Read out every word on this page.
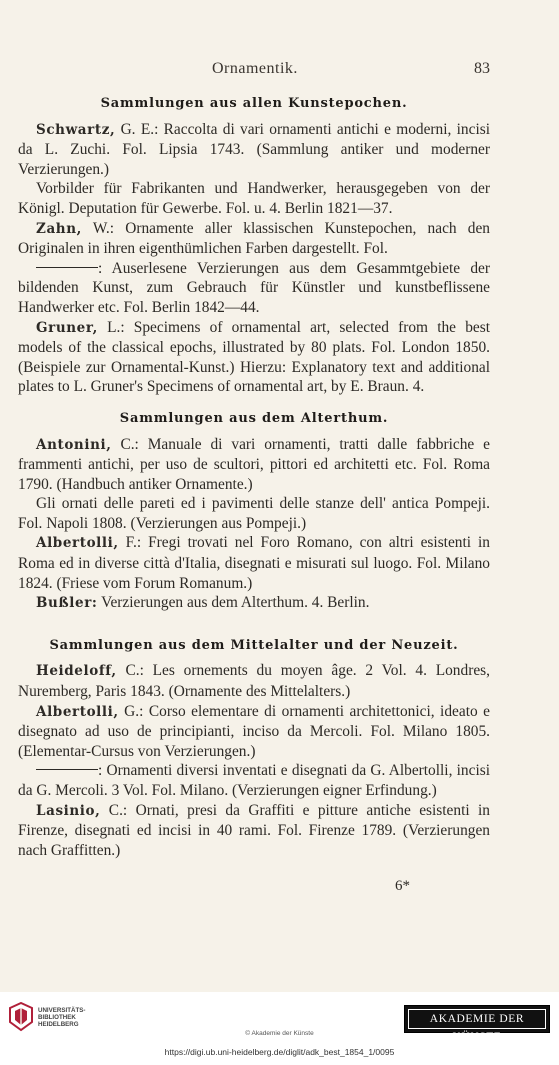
Ornamentik.	83
Sammlungen aus allen Kunstepochen.

Schwartz, G. E.: Raccolta di vari ornamenti antichi e moderni, incisi da L. Zuchi. Fol. Lipsia 1743. (Sammlung antiker und moderner Verzierungen.)

Vorbilder für Fabrikanten und Handwerker, herausgegeben von der Königl. Deputation für Gewerbe. Fol. u. 4. Berlin 1821—37.

Zahn, W.: Ornamente aller klassischen Kunstepochen, nach den Originalen in ihren eigenthümlichen Farben dargestellt. Fol.

: Auserlesene Verzierungen aus dem Gesammtgebiete der bildenden Kunst, zum Gebrauch für Künstler und kunstbeflissene Handwerker etc. Fol. Berlin 1842—44.

Gruner, L.: Specimens of ornamental art, selected from the best models of the classical epochs, illustrated by 80 plats. Fol. London 1850. (Beispiele zur Ornamental-Kunst.) Hierzu: Explanatory text and additional plates to L. Gruner's Specimens of ornamental art, by E. Braun. 4.

Sammlungen aus dem Alterthum.

Antonini, C.: Manuale di vari ornamenti, tratti dalle fabbriche e frammenti antichi, per uso de scultori, pittori ed architetti etc. Fol. Roma 1790. (Handbuch antiker Ornamente.)

Gli ornati delle pareti ed i pavimenti delle stanze dell' antica Pompeji. Fol. Napoli 1808. (Verzierungen aus Pompeji.)

Albertolli, F.: Fregi trovati nel Foro Romano, con altri esistenti in Roma ed in diverse città d'Italia, disegnati e misurati sul luogo. Fol. Milano 1824. (Friese vom Forum Romanum.)

Bußler: Verzierungen aus dem Alterthum. 4. Berlin.

Sammlungen aus dem Mittelalter und der Neuzeit.

Heideloff, C.: Les ornements du moyen âge. 2 Vol. 4. Londres, Nuremberg, Paris 1843. (Ornamente des Mittelalters.)

Albertolli, G.: Corso elementare di ornamenti architettonici, ideato e disegnato ad uso de principianti, inciso da Mercoli. Fol. Milano 1805. (Elementar-Cursus von Verzierungen.)

: Ornamenti diversi inventati e disegnati da G. Albertolli, incisi da G. Mercoli. 3 Vol. Fol. Milano. (Verzierungen eigner Erfindung.)

Lasinio, C.: Ornati, presi da Graffiti e pitture antiche esistenti in Firenze, disegnati ed incisi in 40 rami. Fol. Firenze 1789. (Verzierungen nach Graffitten.)

6*
UNIVERSITÄTS-
BIBLIOTHEK
HEIDELBERG	AKADEMIE DER KÜNSTE
© Akademie der Künste
https://digi.ub.uni-heidelberg.de/diglit/adk_best_1854_1/0095
